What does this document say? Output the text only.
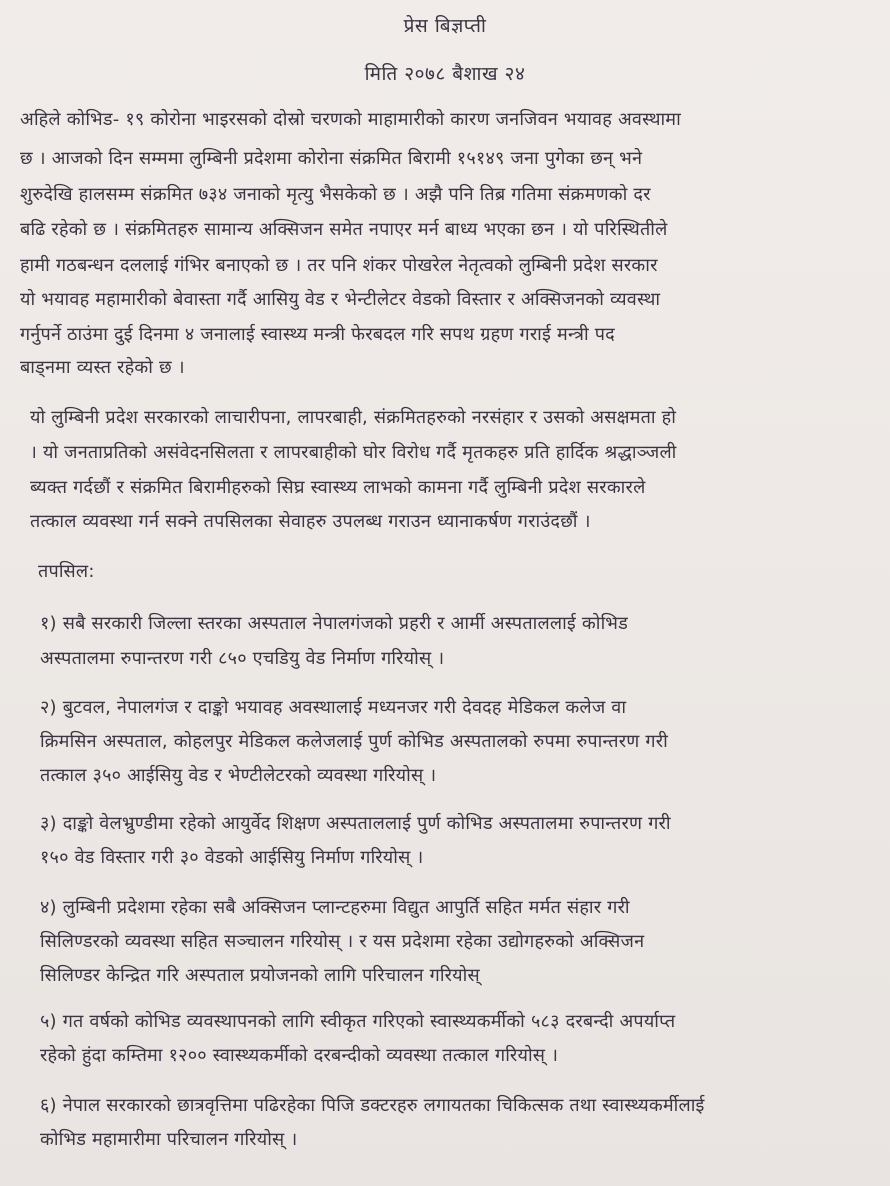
प्रेस बिज्ञप्ती
मिति २०७८ बैशाख २४
अहिले कोभिड- १९ कोरोना भाइरसको दोस्रो चरणको माहामारीको कारण जनजिवन भयावह अवस्थामा
छ । आजको दिन सम्ममा लुम्बिनी प्रदेशमा कोरोना संक्रमित बिरामी १५१४९ जना पुगेका छन् भने
शुरुदेखि हालसम्म संक्रमित ७३४ जनाको मृत्यु भैसकेको छ । अझै पनि तिब्र गतिमा संक्रमणको दर
बढि रहेको छ । संक्रमितहरु सामान्य अक्सिजन समेत नपाएर मर्न बाध्य भएका छन । यो परिस्थितीले
हामी गठबन्धन दललाई गंभिर बनाएको छ । तर पनि शंकर पोखरेल नेतृत्वको लुम्बिनी प्रदेश सरकार
यो भयावह महामारीको बेवास्ता गर्दै आसियु वेड र भेन्टीलेटर वेडको विस्तार र अक्सिजनको व्यवस्था
गर्नुपर्ने ठाउंमा दुई दिनमा ४ जनालाई स्वास्थ्य मन्त्री फेरबदल गरि सपथ ग्रहण गराई मन्त्री पद
बाड्नमा व्यस्त रहेको छ ।
यो लुम्बिनी प्रदेश सरकारको लाचारीपना, लापरबाही, संक्रमितहरुको नरसंहार र उसको असक्षमता हो
। यो जनताप्रतिको असंवेदनसिलता र लापरबाहीको घोर विरोध गर्दै मृतकहरु प्रति हार्दिक श्रद्धाञ्जली
ब्यक्त गर्दछौं र संक्रमित बिरामीहरुको सिघ्र स्वास्थ्य लाभको कामना गर्दै लुम्बिनी प्रदेश सरकारले
तत्काल व्यवस्था गर्न सक्ने तपसिलका सेवाहरु उपलब्ध गराउन ध्यानाकर्षण गराउंदछौं ।
तपसिल:
१) सबै सरकारी जिल्ला स्तरका अस्पताल नेपालगंजको प्रहरी र आर्मी अस्पताललाई कोभिड
अस्पतालमा रुपान्तरण गरी ८५० एचडियु वेड निर्माण गरियोस् ।
२) बुटवल, नेपालगंज र दाङ्को भयावह अवस्थालाई मध्यनजर गरी देवदह मेडिकल कलेज वा
क्रिमसिन अस्पताल, कोहलपुर मेडिकल कलेजलाई पुर्ण कोभिड अस्पतालको रुपमा रुपान्तरण गरी
तत्काल ३५० आईसियु वेड र भेण्टीलेटरको व्यवस्था गरियोस् ।
३) दाङ्को वेलभ्रुण्डीमा रहेको आयुर्वेद शिक्षण अस्पताललाई पुर्ण कोभिड अस्पतालमा रुपान्तरण गरी
१५० वेड विस्तार गरी ३० वेडको आईसियु निर्माण गरियोस् ।
४) लुम्बिनी प्रदेशमा रहेका सबै अक्सिजन प्लान्टहरुमा विद्युत आपुर्ति सहित मर्मत संहार गरी
सिलिण्डरको व्यवस्था सहित सञ्चालन गरियोस् । र यस प्रदेशमा रहेका उद्योगहरुको अक्सिजन
सिलिण्डर केन्द्रित गरि अस्पताल प्रयोजनको लागि परिचालन गरियोस्
५) गत वर्षको कोभिड व्यवस्थापनको लागि स्वीकृत गरिएको स्वास्थ्यकर्मीको ५८३ दरबन्दी अपर्याप्त
रहेको हुंदा कम्तिमा १२०० स्वास्थ्यकर्मीको दरबन्दीको व्यवस्था तत्काल गरियोस् ।
६) नेपाल सरकारको छात्रवृत्तिमा पढिरहेका पिजि डक्टरहरु लगायतका चिकित्सक तथा स्वास्थ्यकर्मीलाई
कोभिड महामारीमा परिचालन गरियोस् ।
